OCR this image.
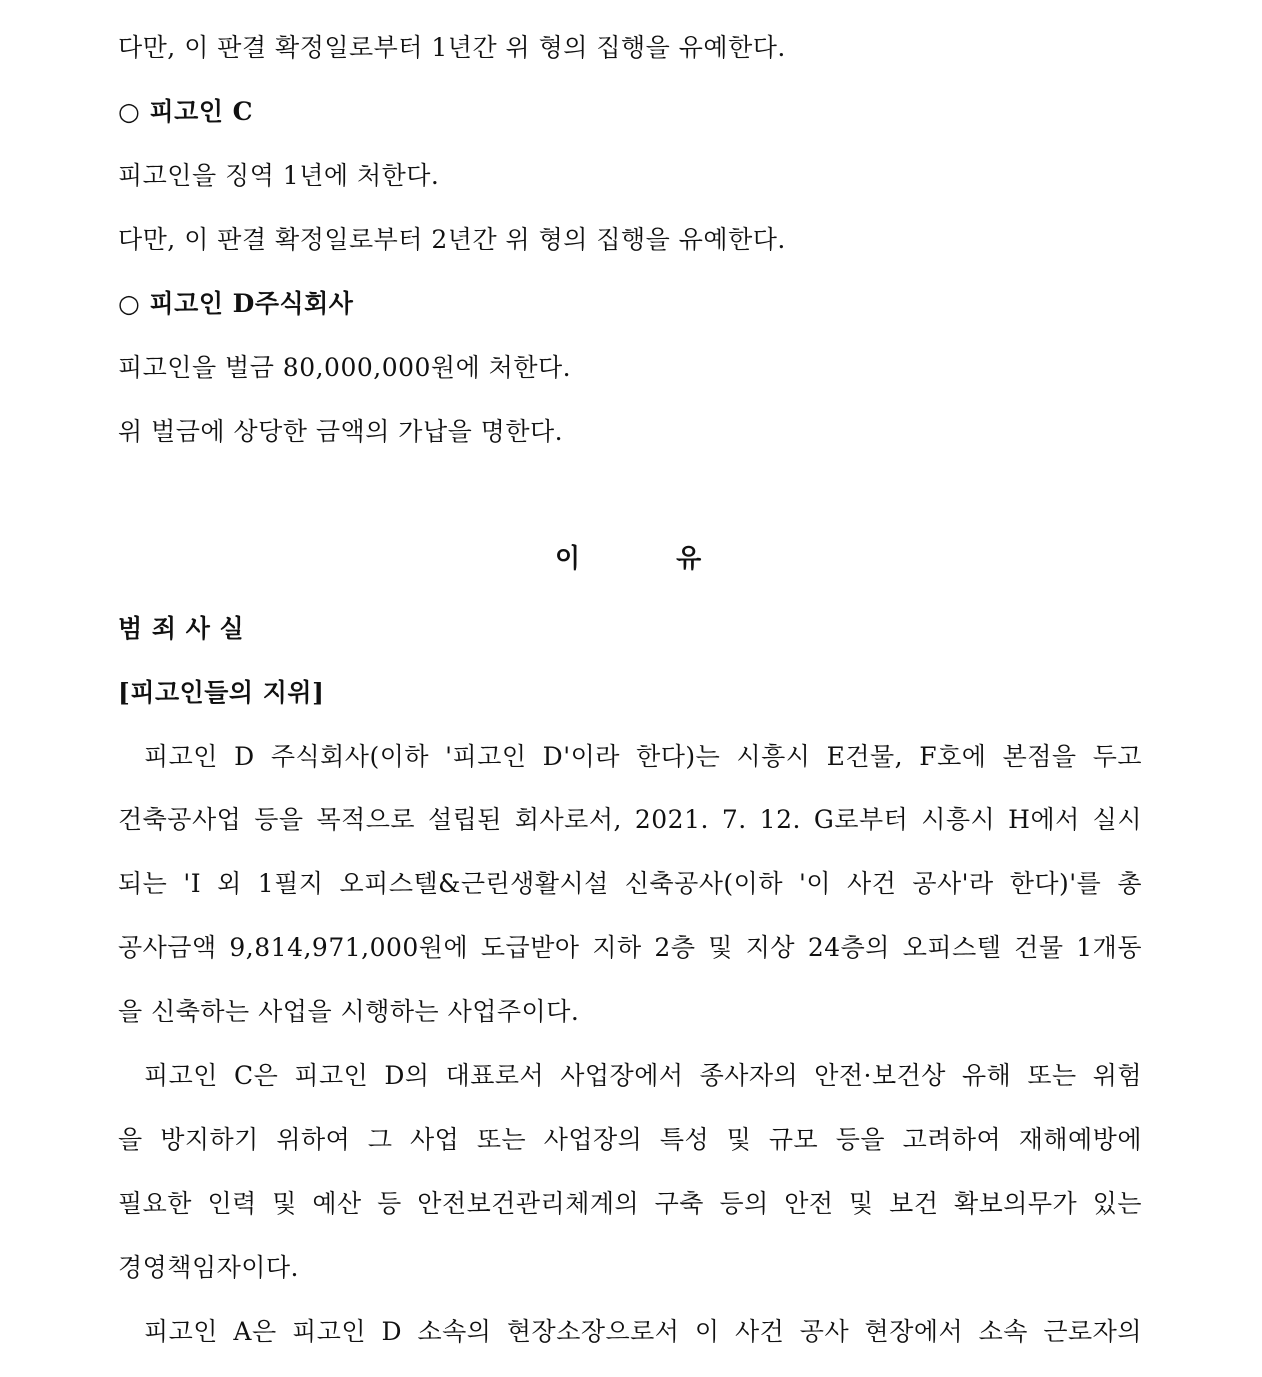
다만, 이 판결 확정일로부터 1년간 위 형의 집행을 유예한다.
○ 피고인 C
피고인을 징역 1년에 처한다.
다만, 이 판결 확정일로부터 2년간 위 형의 집행을 유예한다.
○ 피고인 D주식회사
피고인을 벌금 80,000,000원에 처한다.
위 벌금에 상당한 금액의 가납을 명한다.
이	유
범 죄 사 실
[피고인들의 지위]
피고인 D 주식회사(이하 '피고인 D'이라 한다)는 시흥시 E건물, F호에 본점을 두고
건축공사업 등을 목적으로 설립된 회사로서, 2021. 7. 12. G로부터 시흥시 H에서 실시
되는 'I 외 1필지 오피스텔&근린생활시설 신축공사(이하 '이 사건 공사'라 한다)'를 총
공사금액 9,814,971,000원에 도급받아 지하 2층 및 지상 24층의 오피스텔 건물 1개동
을 신축하는 사업을 시행하는 사업주이다.
피고인 C은 피고인 D의 대표로서 사업장에서 종사자의 안전·보건상 유해 또는 위험
을 방지하기 위하여 그 사업 또는 사업장의 특성 및 규모 등을 고려하여 재해예방에
필요한 인력 및 예산 등 안전보건관리체계의 구축 등의 안전 및 보건 확보의무가 있는
경영책임자이다.
피고인 A은 피고인 D 소속의 현장소장으로서 이 사건 공사 현장에서 소속 근로자의
